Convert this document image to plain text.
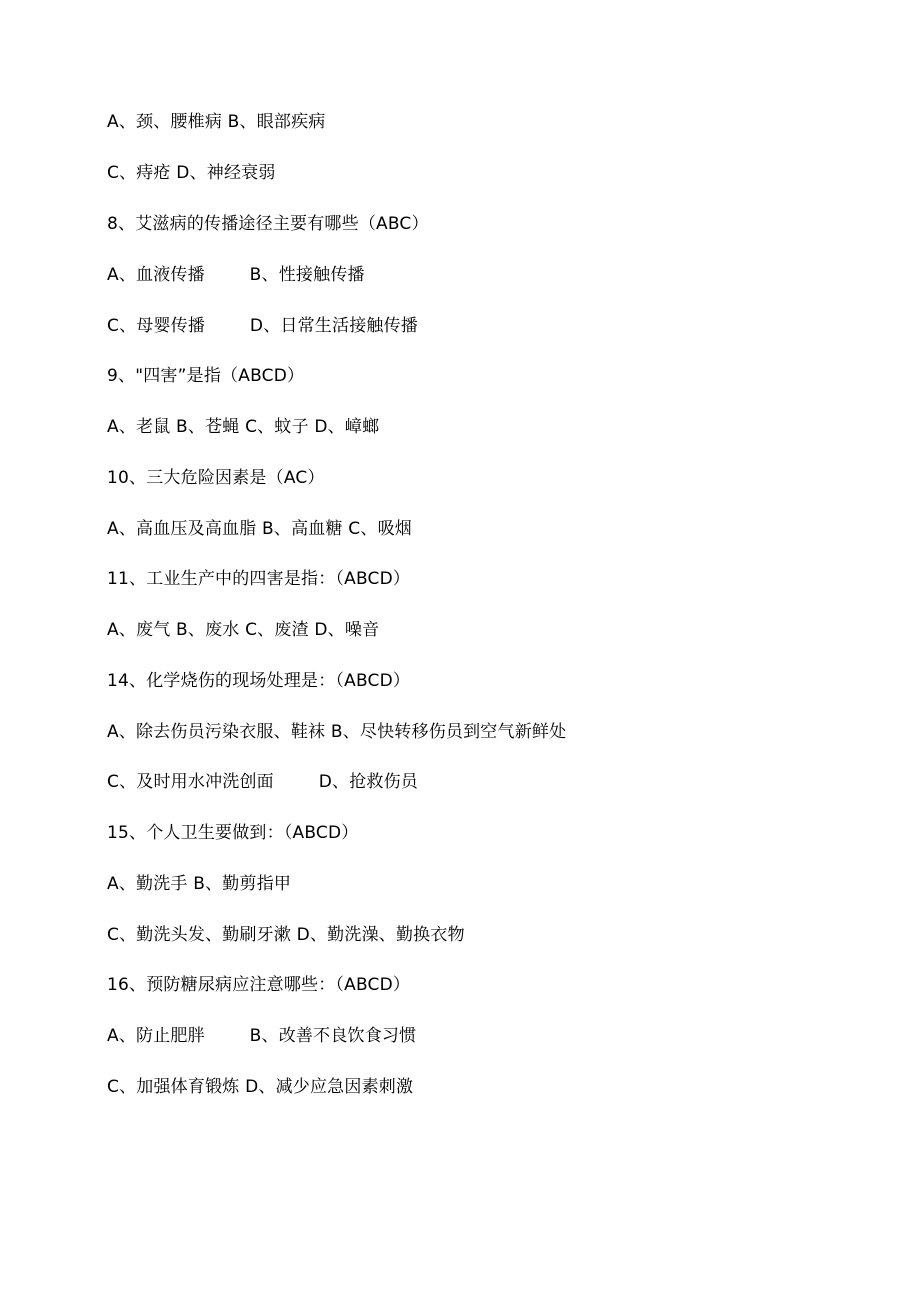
A、颈、腰椎病 B、眼部疾病
C、痔疮 D、神经衰弱
8、艾滋病的传播途径主要有哪些（ABC）
A、血液传播        B、性接触传播
C、母婴传播        D、日常生活接触传播
9、"四害”是指（ABCD）
A、老鼠 B、苍蝇 C、蚊子 D、嶂螂
10、三大危险因素是（AC）
A、高血压及高血脂 B、高血糖 C、吸烟
11、工业生产中的四害是指：（ABCD）
A、废气 B、废水 C、废渣 D、噪音
14、化学烧伤的现场处理是：（ABCD）
A、除去伤员污染衣服、鞋袜 B、尽快转移伤员到空气新鲜处
C、及时用水冲洗创面        D、抢救伤员
15、个人卫生要做到：（ABCD）
A、勤洗手 B、勤剪指甲
C、勤洗头发、勤刷牙漱 D、勤洗澡、勤换衣物
16、预防糖尿病应注意哪些：（ABCD）
A、防止肥胖        B、改善不良饮食习惯
C、加强体育锻炼 D、减少应急因素刺激
